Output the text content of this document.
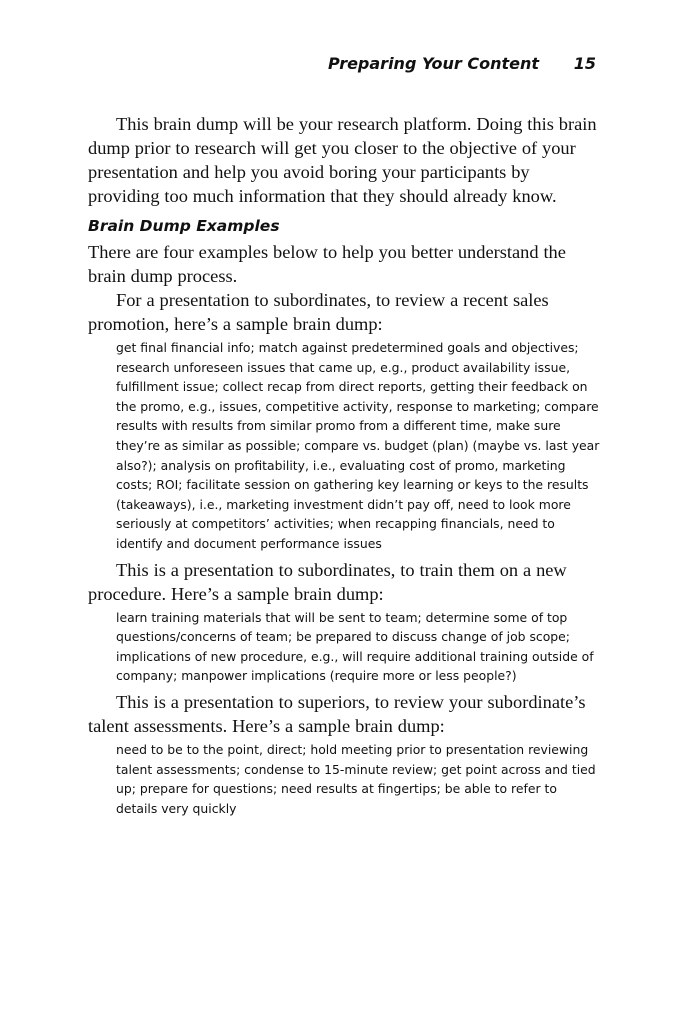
Preparing Your Content 15

This brain dump will be your research platform. Doing this brain dump prior to research will get you closer to the objective of your presentation and help you avoid boring your participants by providing too much information that they should already know.

Brain Dump Examples

There are four examples below to help you better understand the brain dump process.

For a presentation to subordinates, to review a recent sales promotion, here’s a sample brain dump:

get final financial info; match against predetermined goals and objectives; research unforeseen issues that came up, e.g., product availability issue, fulfillment issue; collect recap from direct reports, getting their feedback on the promo, e.g., issues, competitive activity, response to marketing; compare results with results from similar promo from a different time, make sure they’re as similar as possible; compare vs. budget (plan) (maybe vs. last year also?); analysis on profitability, i.e., evaluating cost of promo, marketing costs; ROI; facilitate session on gathering key learning or keys to the results (takeaways), i.e., marketing investment didn’t pay off, need to look more seriously at competitors’ activities; when recapping financials, need to identify and document performance issues

This is a presentation to subordinates, to train them on a new procedure. Here’s a sample brain dump:

learn training materials that will be sent to team; determine some of top questions/concerns of team; be prepared to discuss change of job scope; implications of new procedure, e.g., will require additional training outside of company; manpower implications (require more or less people?)

This is a presentation to superiors, to review your subordinate’s talent assessments. Here’s a sample brain dump:

need to be to the point, direct; hold meeting prior to presentation reviewing talent assessments; condense to 15-minute review; get point across and tied up; prepare for questions; need results at fingertips; be able to refer to details very quickly
